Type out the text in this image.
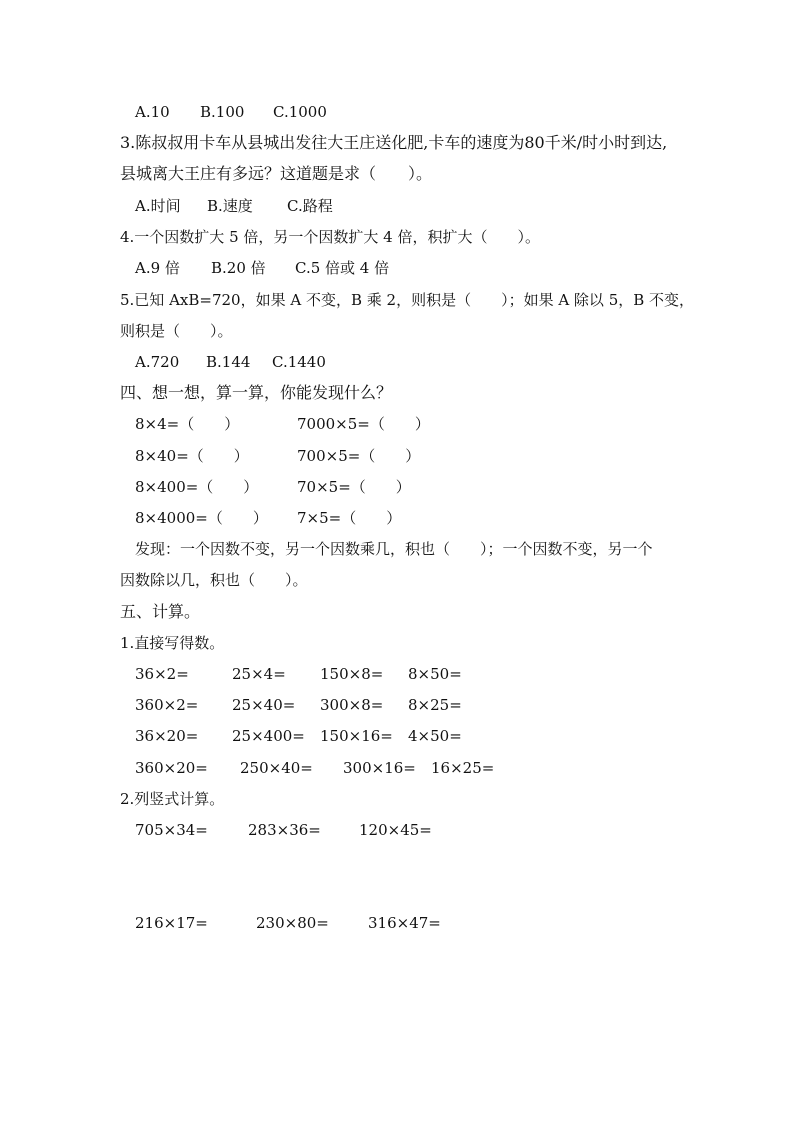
A.10 B.100 C.1000
3.陈叔叔用卡车从县城出发往大王庄送化肥,卡车的速度为80千米/时小时到达,
县城离大王庄有多远？这道题是求（　　）。
A.时间 B.速度 C.路程
4.一个因数扩大 5 倍，另一个因数扩大 4 倍，积扩大（　　）。
A.9 倍 B.20 倍 C.5 倍或 4 倍
5.已知 AxB=720，如果 A 不变，B 乘 2，则积是（　　）；如果 A 除以 5，B 不变，
则积是（　　）。
A.720 B.144 C.1440
四、想一想，算一算，你能发现什么？
8×4=（　　）	7000×5=（　　）
8×40=（　　）	700×5=（　　）
8×400=（　　）	70×5=（　　）
8×4000=（　　） 7×5=（　　）
发现：一个因数不变，另一个因数乘几，积也（　　）；一个因数不变，另一个
因数除以几，积也（　　）。
五、计算。
1.直接写得数。
36×2=	25×4= 150×8= 8×50=
360×2= 25×40= 300×8= 8×25=
36×20= 25×400= 150×16= 4×50=
360×20= 250×40= 300×16= 16×25=
2.列竖式计算。
705×34=	283×36=	120×45=
216×17=	230×80=	316×47=
